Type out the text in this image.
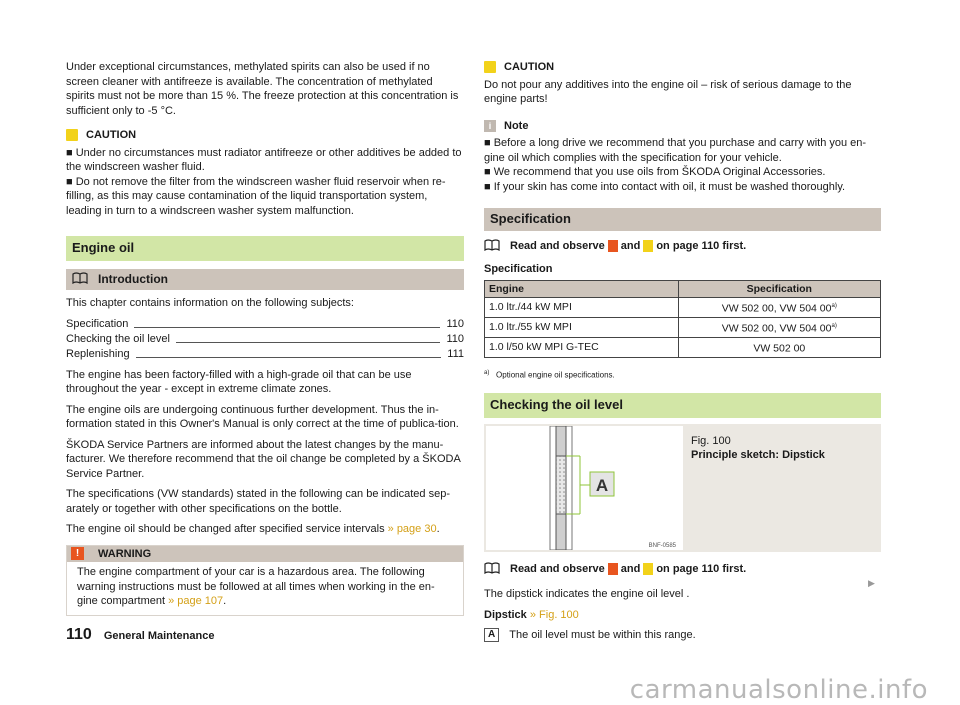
Under exceptional circumstances, methylated spirits can also be used if no screen cleaner with antifreeze is available. The concentration of methylated spirits must not be more than 15 %. The freeze protection at this concentration is sufficient only to -5 °C.

CAUTION

■ Under no circumstances must radiator antifreeze or other additives be added to the windscreen washer fluid.

■ Do not remove the filter from the windscreen washer fluid reservoir when re-filling, as this may cause contamination of the liquid transportation system, leading in turn to a windscreen washer system malfunction.

Engine oil
Introduction

This chapter contains information on the following subjects:

Specification	110
Checking the oil level	110
Replenishing	111

The engine has been factory-filled with a high-grade oil that can be use throughout the year - except in extreme climate zones.

The engine oils are undergoing continuous further development. Thus the in-formation stated in this Owner's Manual is only correct at the time of publica-tion.

ŠKODA Service Partners are informed about the latest changes by the manu-facturer. We therefore recommend that the oil change be completed by a ŠKODA Service Partner.

The specifications (VW standards) stated in the following can be indicated sep-arately or together with other specifications on the bottle.

The engine oil should be changed after specified service intervals » page 30.

!	WARNING
The engine compartment of your car is a hazardous area. The following warning instructions must be followed at all times when working in the en-gine compartment » page 107.
CAUTION

Do not pour any additives into the engine oil – risk of serious damage to the engine parts!

i	Note

■ Before a long drive we recommend that you purchase and carry with you en-gine oil which complies with the specification for your vehicle.

■ We recommend that you use oils from ŠKODA Original Accessories.

■ If your skin has come into contact with oil, it must be washed thoroughly.

Specification
Read and observe and on page 110 first.

Specification

Engine	Specification
1.0 ltr./44 kW MPI	VW 502 00, VW 504 00$^{a)}$
1.0 ltr./55 kW MPI	VW 502 00, VW 504 00$^{a)}$
1.0 l/50 kW MPI G-TEC	VW 502 00
$^{a)}$ Optional engine oil specifications.
Checking the oil level
A
BNF-0585
Fig. 100
Principle sketch: Dipstick
Read and observe and on page 110 first.

The dipstick indicates the engine oil level .

Dipstick » Fig. 100

A	The oil level must be within this range.
▶
110 General Maintenance
carmanualsonline.info
